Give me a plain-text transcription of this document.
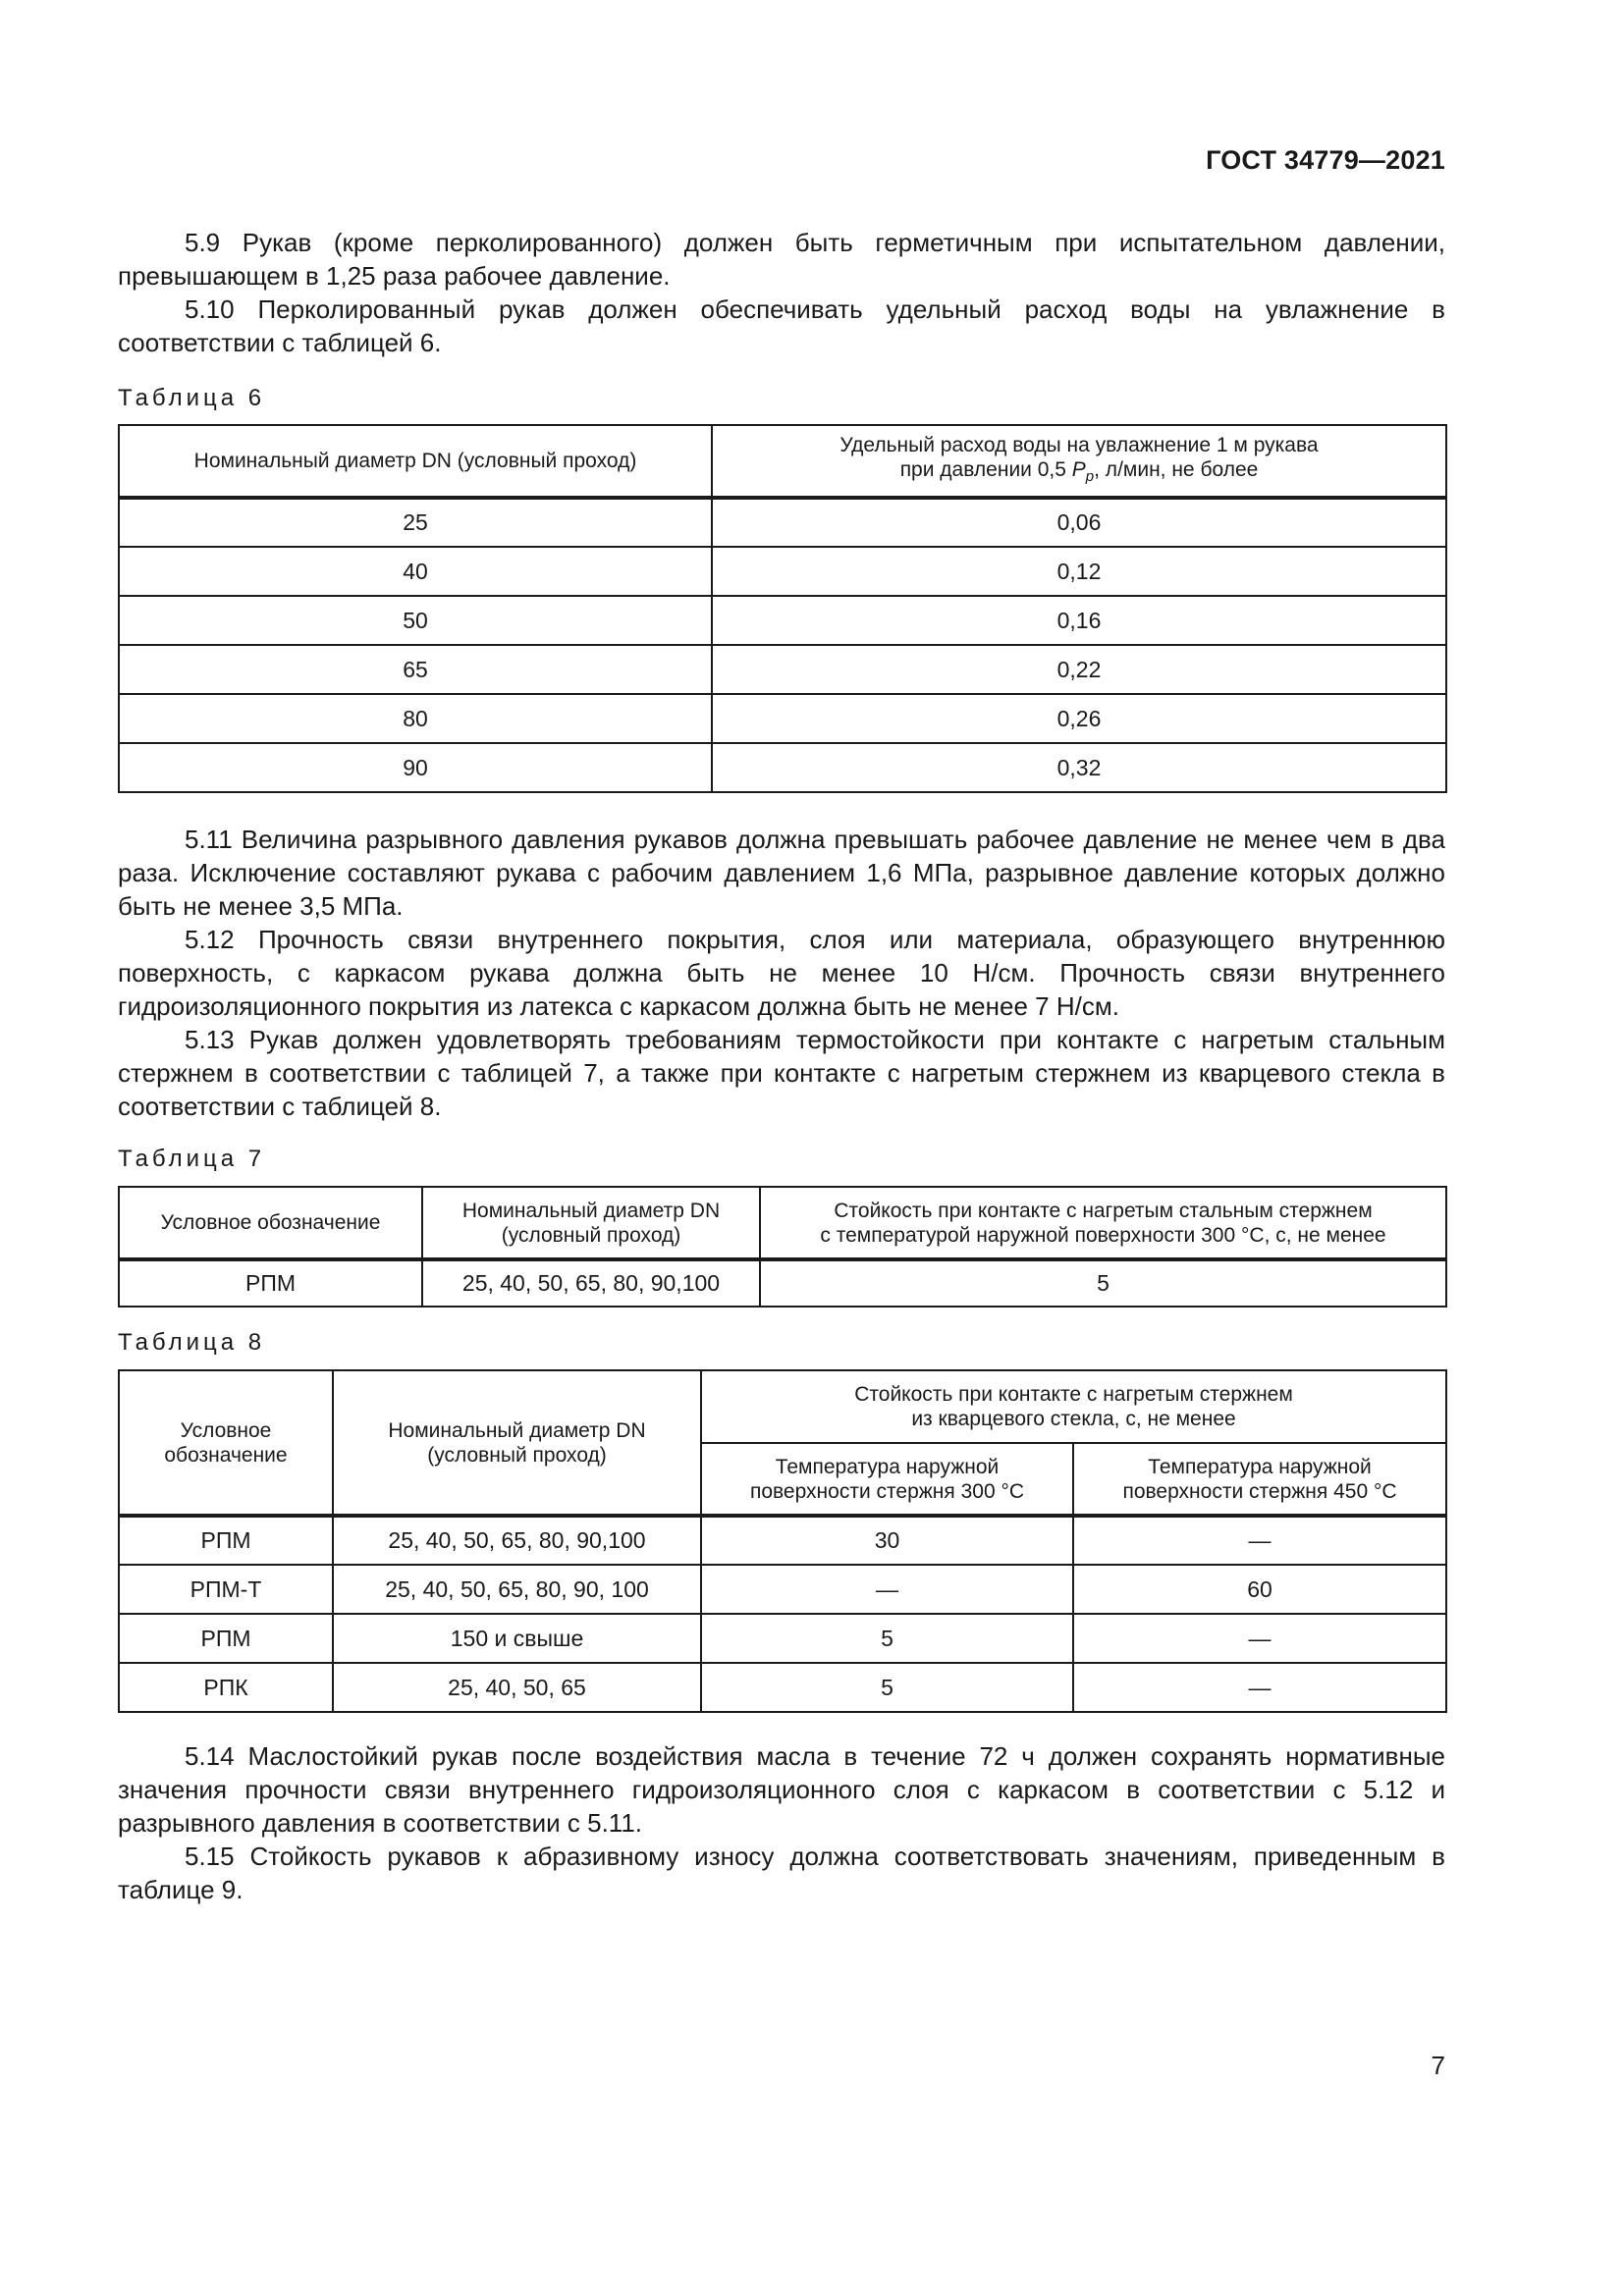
ГОСТ 34779—2021

5.9 Рукав (кроме перколированного) должен быть герметичным при испытательном давлении, превышающем в 1,25 раза рабочее давление.

5.10 Перколированный рукав должен обеспечивать удельный расход воды на увлажнение в соответствии с таблицей 6.

Таблица 6

Номинальный диаметр DN (условный проход)	Удельный расход воды на увлажнение 1 м рукава
при давлении 0,5 $P_p$, л/мин, не более
25	0,06
40	0,12
50	0,16
65	0,22
80	0,26
90	0,32

5.11 Величина разрывного давления рукавов должна превышать рабочее давление не менее чем в два раза. Исключение составляют рукава с рабочим давлением 1,6 МПа, разрывное давление которых должно быть не менее 3,5 МПа.

5.12 Прочность связи внутреннего покрытия, слоя или материала, образующего внутреннюю поверхность, с каркасом рукава должна быть не менее 10 Н/см. Прочность связи внутреннего гидроизоляционного покрытия из латекса с каркасом должна быть не менее 7 Н/см.

5.13 Рукав должен удовлетворять требованиям термостойкости при контакте с нагретым стальным стержнем в соответствии с таблицей 7, а также при контакте с нагретым стержнем из кварцевого стекла в соответствии с таблицей 8.

Таблица 7

Условное обозначение	Номинальный диаметр DN
(условный проход)	Стойкость при контакте с нагретым стальным стержнем
с температурой наружной поверхности 300 °С, с, не менее
РПМ	25, 40, 50, 65, 80, 90,100	5

Таблица 8

Условное
обозначение	Номинальный диаметр DN
(условный проход)	Стойкость при контакте с нагретым стержнем
из кварцевого стекла, с, не менее	
		Температура наружной
поверхности стержня 300 °С	Температура наружной
поверхности стержня 450 °С
РПМ	25, 40, 50, 65, 80, 90,100	30	—
РПМ-Т	25, 40, 50, 65, 80, 90, 100	—	60
РПМ	150 и свыше	5	—
РПК	25, 40, 50, 65	5	—

5.14 Маслостойкий рукав после воздействия масла в течение 72 ч должен сохранять нормативные значения прочности связи внутреннего гидроизоляционного слоя с каркасом в соответствии с 5.12 и разрывного давления в соответствии с 5.11.

5.15 Стойкость рукавов к абразивному износу должна соответствовать значениям, приведенным в таблице 9.

7
